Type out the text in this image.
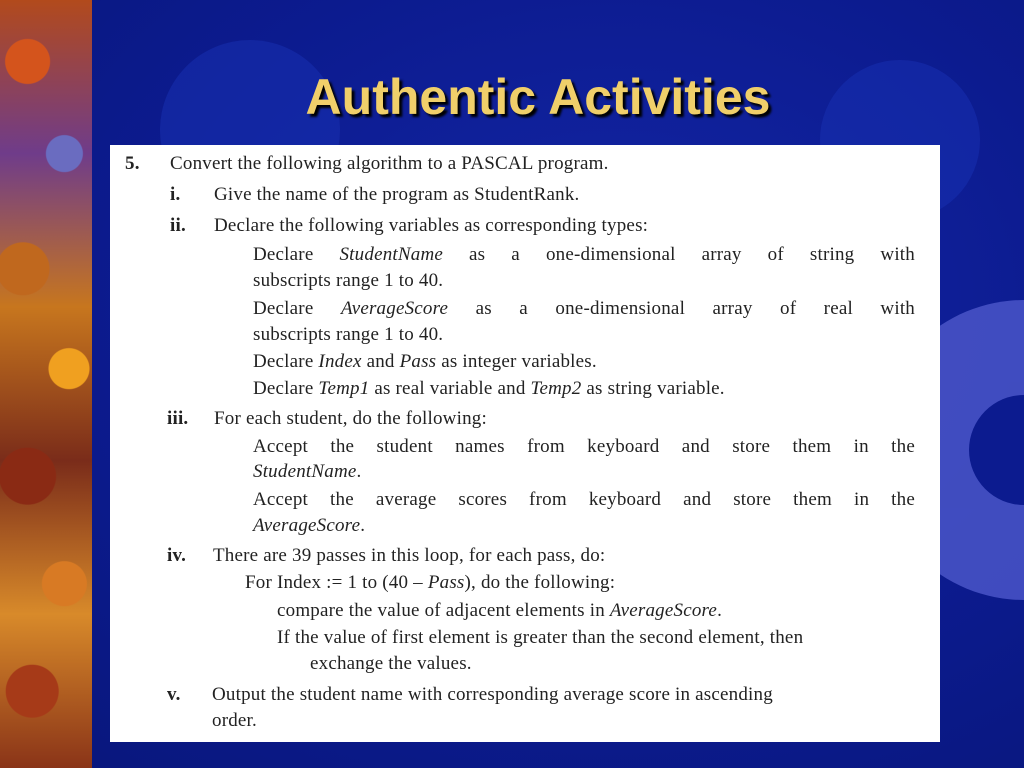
Authentic Activities
5. Convert the following algorithm to a PASCAL program.
i. Give the name of the program as StudentRank.
ii. Declare the following variables as corresponding types:
Declare StudentName as a one-dimensional array of string with
subscripts range 1 to 40.
Declare AverageScore as a one-dimensional array of real with
subscripts range 1 to 40.
Declare Index and Pass as integer variables.
Declare Temp1 as real variable and Temp2 as string variable.
iii. For each student, do the following:
Accept the student names from keyboard and store them in the
StudentName.
Accept the average scores from keyboard and store them in the
AverageScore.
iv. There are 39 passes in this loop, for each pass, do:
For Index := 1 to (40 – Pass), do the following:
compare the value of adjacent elements in AverageScore.
If the value of first element is greater than the second element, then
exchange the values.
v. Output the student name with corresponding average score in ascending
order.
